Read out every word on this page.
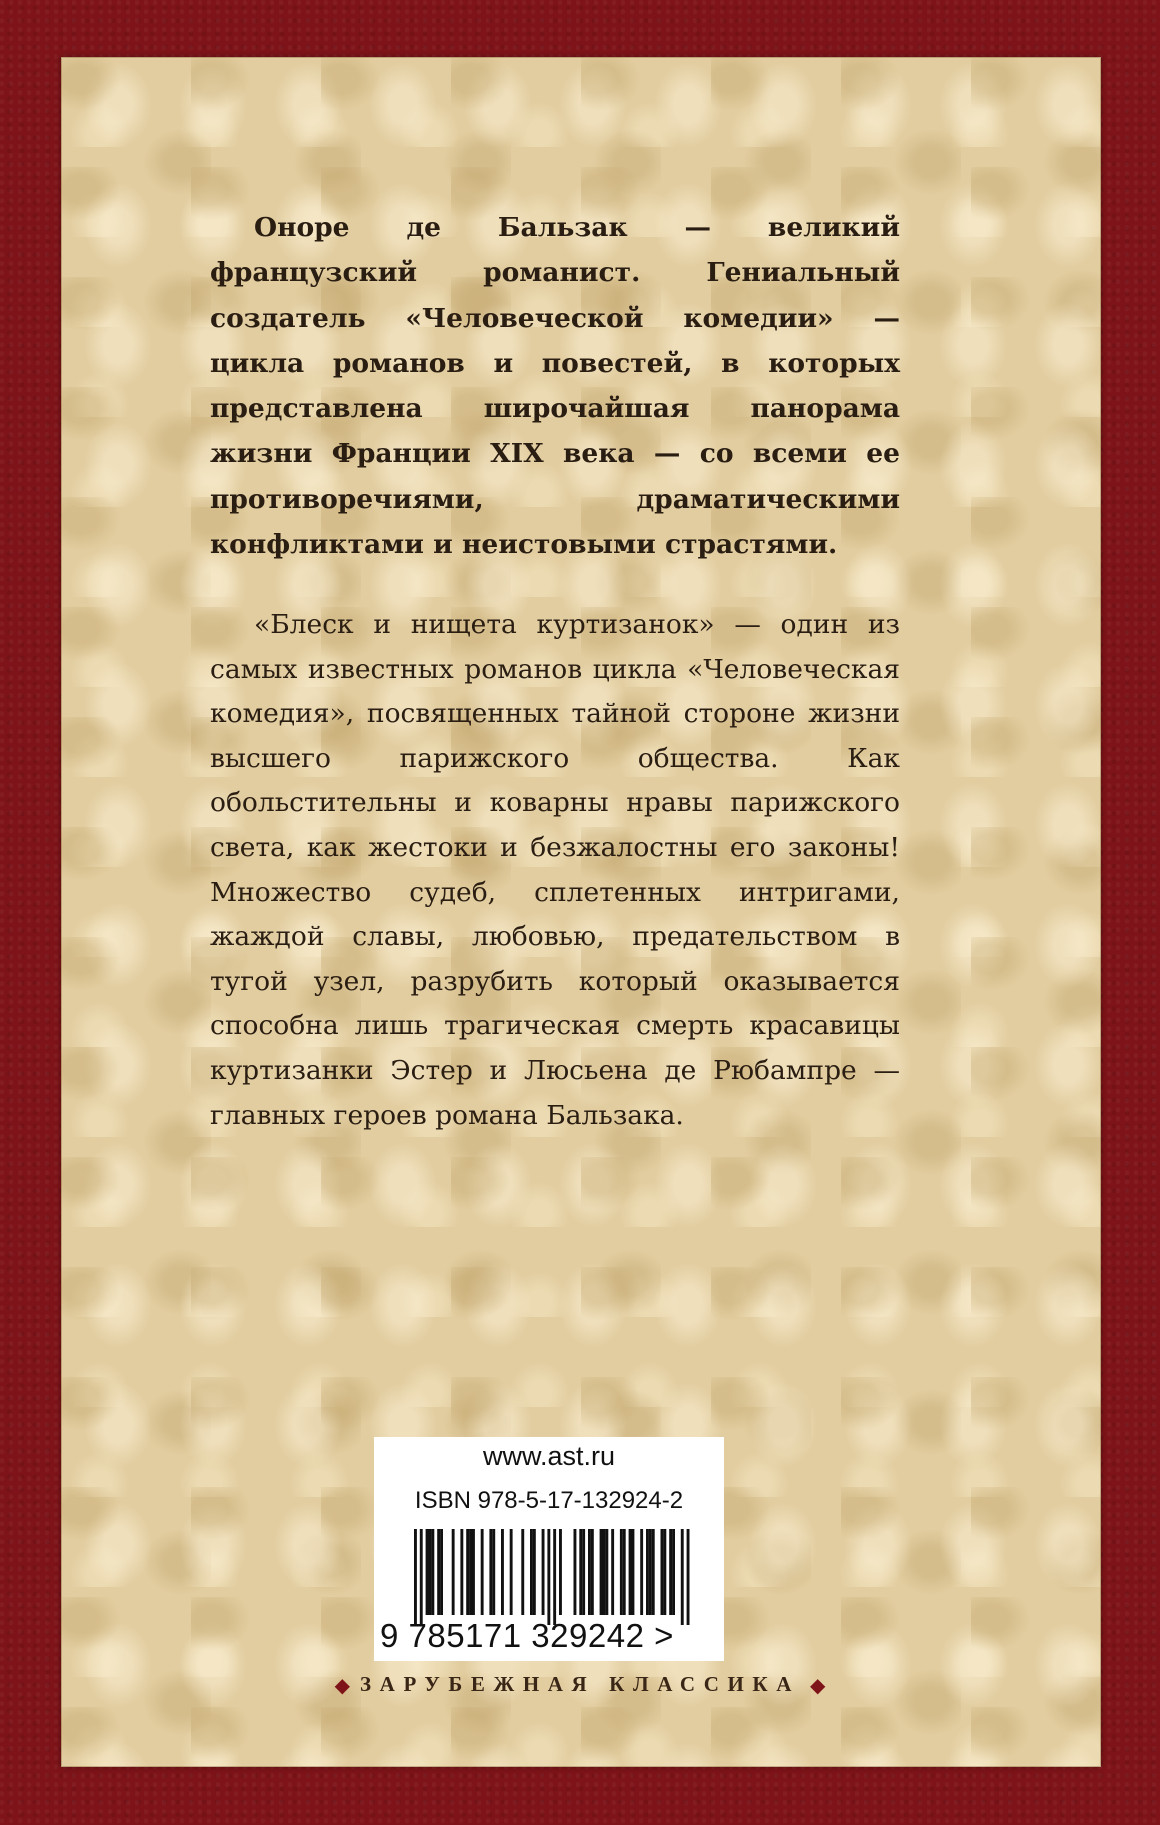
Оноре де Бальзак — великий французский романист. Гениальный создатель «Человеческой комедии» — цикла романов и повестей, в которых представлена широчайшая панорама жизни Франции XIX века — со всеми ее противоречиями, драматическими конфликтами и неистовыми страстями.

«Блеск и нищета куртизанок» — один из самых известных романов цикла «Человеческая комедия», посвященных тайной стороне жизни высшего парижского общества. Как обольстительны и коварны нравы парижского света, как жестоки и безжалостны его законы! Множество судеб, сплетенных интригами, жаждой славы, любовью, предательством в тугой узел, разрубить который оказывается способна лишь трагическая смерть красавицы куртизанки Эстер и Люсьена де Рюбампре — главных героев романа Бальзака.

www.ast.ru
ISBN 978-5-17-132924-2
9 785171 329242 >
◆ ЗАРУБЕЖНАЯ КЛАССИКА ◆
